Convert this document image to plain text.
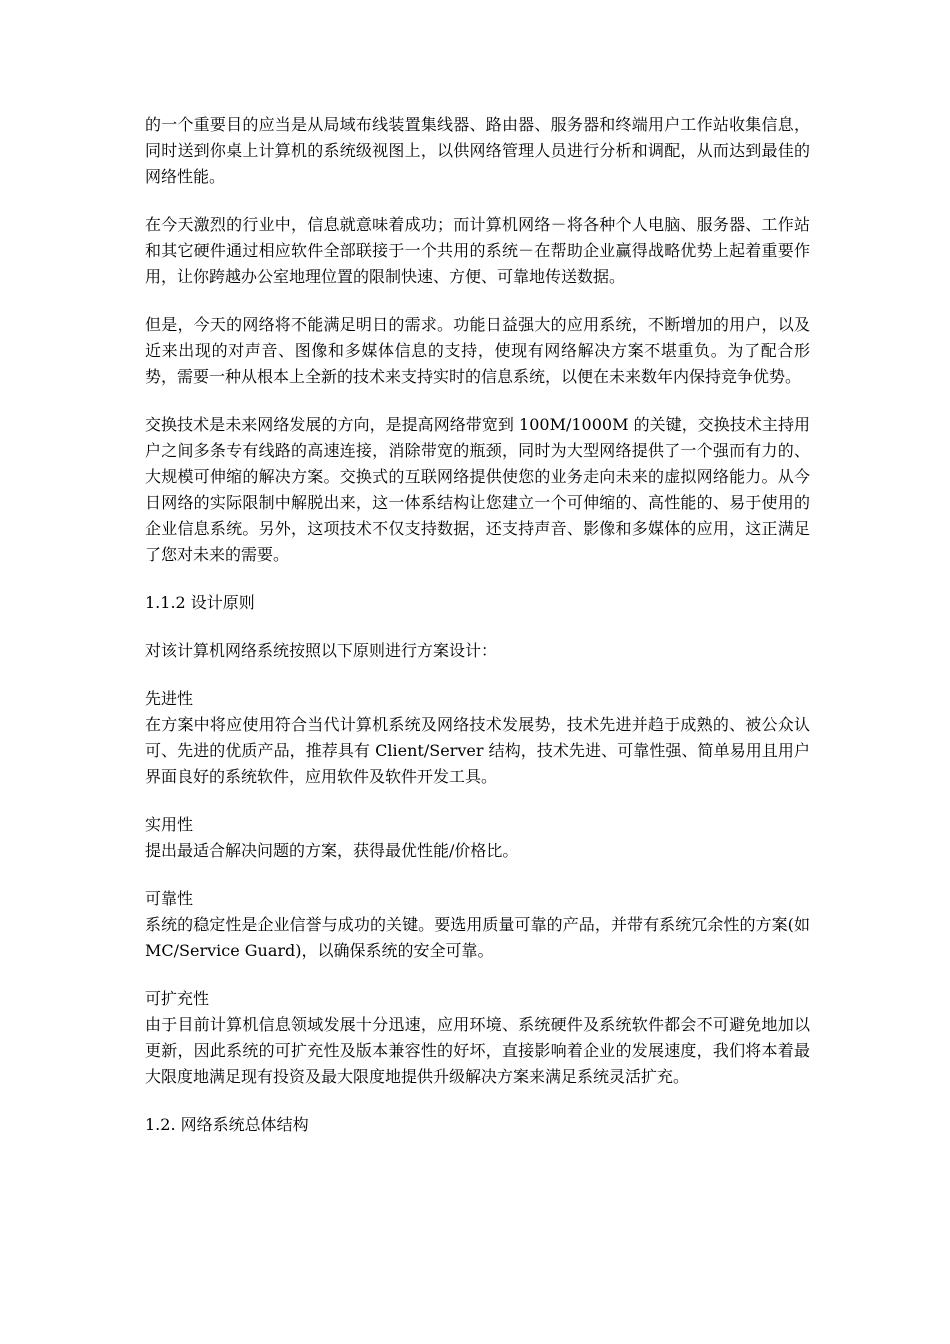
的一个重要目的应当是从局域布线装置集线器、路由器、服务器和终端用户工作站收集信息，同时送到你桌上计算机的系统级视图上，以供网络管理人员进行分析和调配，从而达到最佳的网络性能。

在今天激烈的行业中，信息就意味着成功；而计算机网络－将各种个人电脑、服务器、工作站和其它硬件通过相应软件全部联接于一个共用的系统－在帮助企业赢得战略优势上起着重要作用，让你跨越办公室地理位置的限制快速、方便、可靠地传送数据。

但是，今天的网络将不能满足明日的需求。功能日益强大的应用系统，不断增加的用户，以及近来出现的对声音、图像和多媒体信息的支持，使现有网络解决方案不堪重负。为了配合形势，需要一种从根本上全新的技术来支持实时的信息系统，以便在未来数年内保持竞争优势。

交换技术是未来网络发展的方向，是提高网络带宽到 100M/1000M 的关键，交换技术主持用户之间多条专有线路的高速连接，消除带宽的瓶颈，同时为大型网络提供了一个强而有力的、大规模可伸缩的解决方案。交换式的互联网络提供使您的业务走向未来的虚拟网络能力。从今日网络的实际限制中解脱出来，这一体系结构让您建立一个可伸缩的、高性能的、易于使用的企业信息系统。另外，这项技术不仅支持数据，还支持声音、影像和多媒体的应用，这正满足了您对未来的需要。

1.1.2 设计原则

对该计算机网络系统按照以下原则进行方案设计：

先进性

在方案中将应使用符合当代计算机系统及网络技术发展势，技术先进并趋于成熟的、被公众认可、先进的优质产品，推荐具有 Client/Server 结构，技术先进、可靠性强、简单易用且用户界面良好的系统软件，应用软件及软件开发工具。

实用性

提出最适合解决问题的方案，获得最优性能/价格比。

可靠性

系统的稳定性是企业信誉与成功的关键。要选用质量可靠的产品，并带有系统冗余性的方案(如 MC/Service Guard)，以确保系统的安全可靠。

可扩充性

由于目前计算机信息领域发展十分迅速，应用环境、系统硬件及系统软件都会不可避免地加以更新，因此系统的可扩充性及版本兼容性的好坏，直接影响着企业的发展速度，我们将本着最大限度地满足现有投资及最大限度地提供升级解决方案来满足系统灵活扩充。

1.2. 网络系统总体结构
